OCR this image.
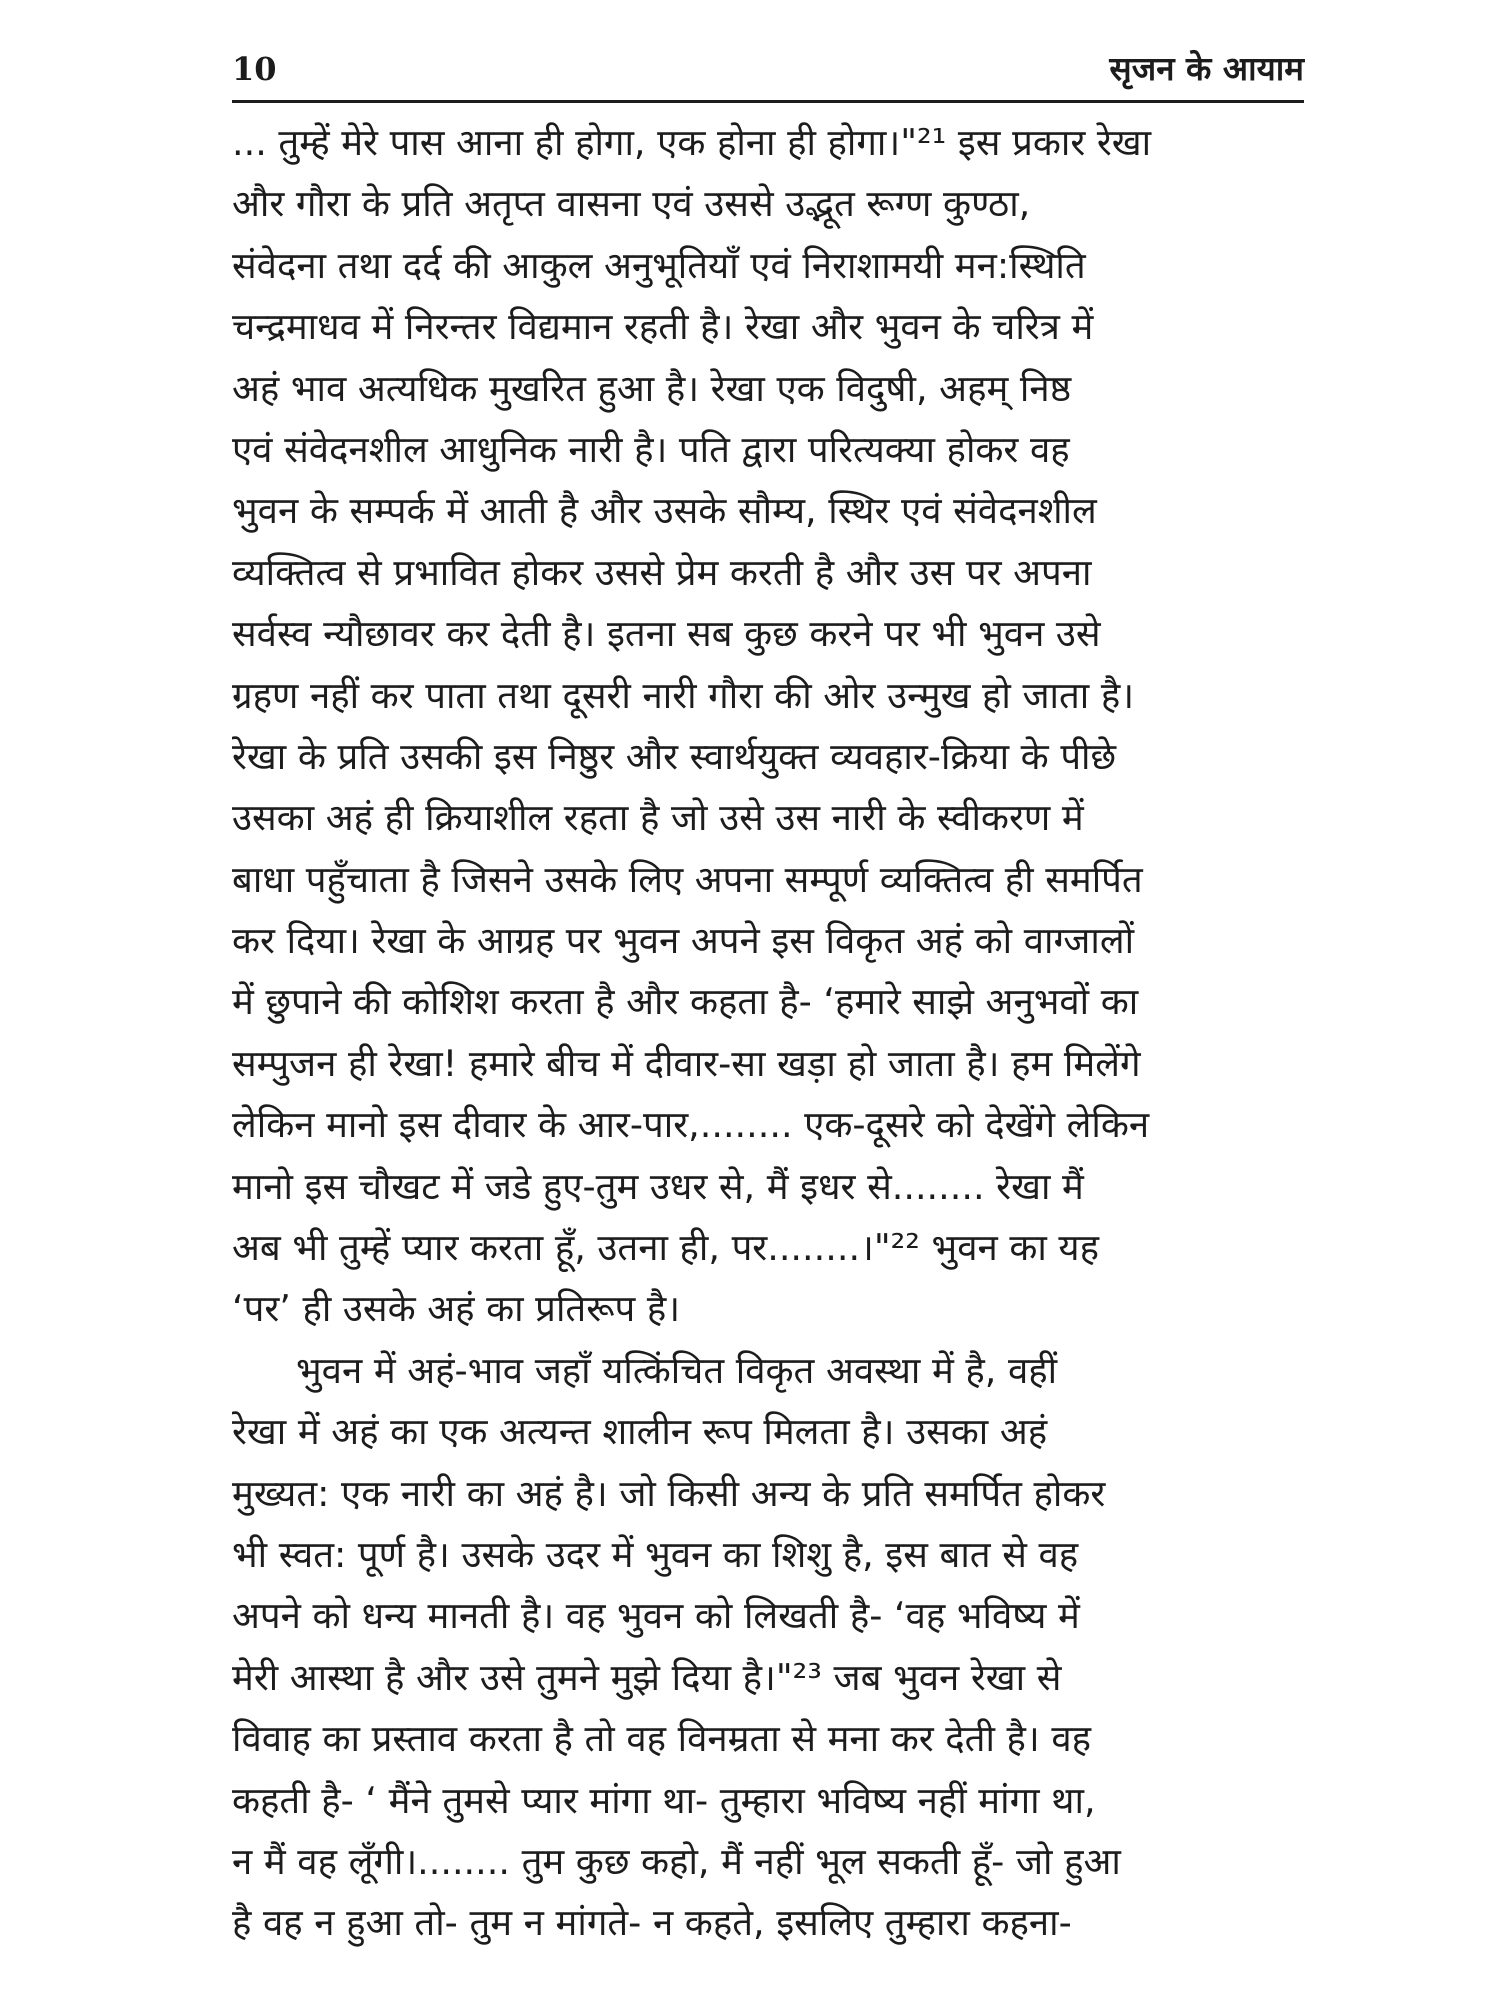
10	सृजन के आयाम
... तुम्हें मेरे पास आना ही होगा, एक होना ही होगा।"²¹ इस प्रकार रेखा
और गौरा के प्रति अतृप्त वासना एवं उससे उद्भूत रूग्ण कुण्ठा,
संवेदना तथा दर्द की आकुल अनुभूतियाँ एवं निराशामयी मन:स्थिति
चन्द्रमाधव में निरन्तर विद्यमान रहती है। रेखा और भुवन के चरित्र में
अहं भाव अत्यधिक मुखरित हुआ है। रेखा एक विदुषी, अहम् निष्ठ
एवं संवेदनशील आधुनिक नारी है। पति द्वारा परित्यक्या होकर वह
भुवन के सम्पर्क में आती है और उसके सौम्य, स्थिर एवं संवेदनशील
व्यक्तित्व से प्रभावित होकर उससे प्रेम करती है और उस पर अपना
सर्वस्व न्यौछावर कर देती है। इतना सब कुछ करने पर भी भुवन उसे
ग्रहण नहीं कर पाता तथा दूसरी नारी गौरा की ओर उन्मुख हो जाता है।
रेखा के प्रति उसकी इस निष्ठुर और स्वार्थयुक्त व्यवहार-क्रिया के पीछे
उसका अहं ही क्रियाशील रहता है जो उसे उस नारी के स्वीकरण में
बाधा पहुँचाता है जिसने उसके लिए अपना सम्पूर्ण व्यक्तित्व ही समर्पित
कर दिया। रेखा के आग्रह पर भुवन अपने इस विकृत अहं को वाग्जालों
में छुपाने की कोशिश करता है और कहता है- ‘हमारे साझे अनुभवों का
सम्पुजन ही रेखा! हमारे बीच में दीवार-सा खड़ा हो जाता है। हम मिलेंगे
लेकिन मानो इस दीवार के आर-पार,........ एक-दूसरे को देखेंगे लेकिन
मानो इस चौखट में जडे हुए-तुम उधर से, मैं इधर से........ रेखा मैं
अब भी तुम्हें प्यार करता हूँ, उतना ही, पर........।"²² भुवन का यह
‘पर’ ही उसके अहं का प्रतिरूप है।
भुवन में अहं-भाव जहाँ यत्किंचित विकृत अवस्था में है, वहीं
रेखा में अहं का एक अत्यन्त शालीन रूप मिलता है। उसका अहं
मुख्यत: एक नारी का अहं है। जो किसी अन्य के प्रति समर्पित होकर
भी स्वत: पूर्ण है। उसके उदर में भुवन का शिशु है, इस बात से वह
अपने को धन्य मानती है। वह भुवन को लिखती है- ‘वह भविष्य में
मेरी आस्था है और उसे तुमने मुझे दिया है।"²³ जब भुवन रेखा से
विवाह का प्रस्ताव करता है तो वह विनम्रता से मना कर देती है। वह
कहती है- ‘ मैंने तुमसे प्यार मांगा था- तुम्हारा भविष्य नहीं मांगा था,
न मैं वह लूँगी।........ तुम कुछ कहो, मैं नहीं भूल सकती हूँ- जो हुआ
है वह न हुआ तो- तुम न मांगते- न कहते, इसलिए तुम्हारा कहना-
